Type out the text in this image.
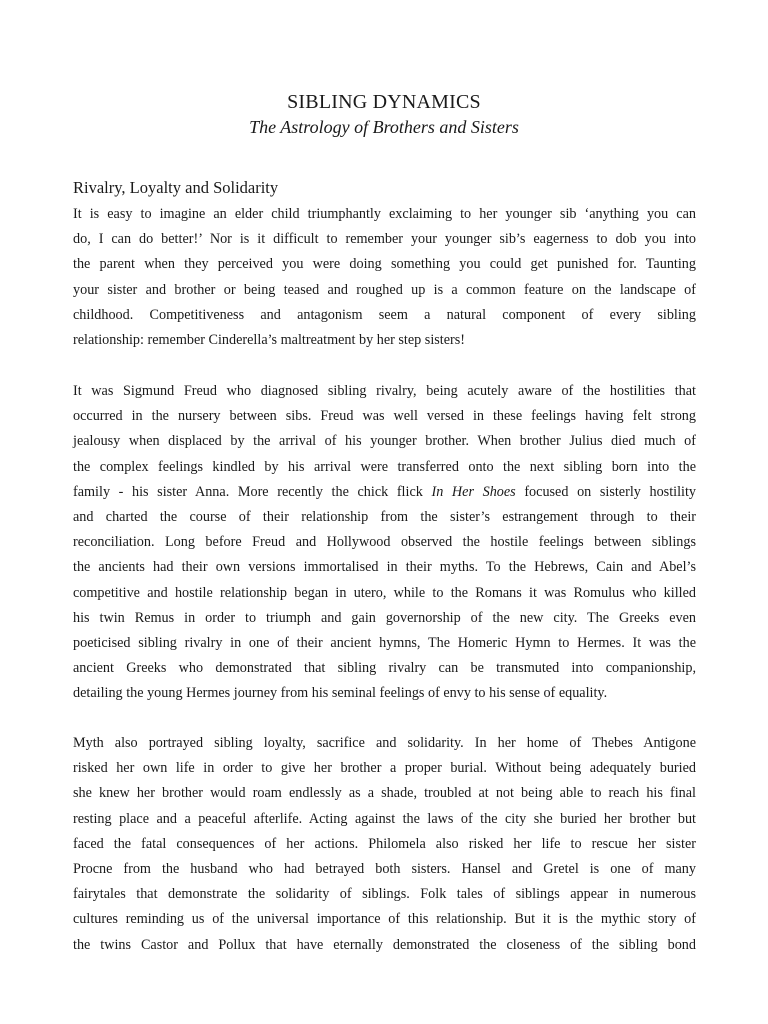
SIBLING DYNAMICS
The Astrology of Brothers and Sisters
Rivalry, Loyalty and Solidarity
It is easy to imagine an elder child triumphantly exclaiming to her younger sib ‘anything you can
do, I can do better!’ Nor is it difficult to remember your younger sib’s eagerness to dob you into
the parent when they perceived you were doing something you could get punished for. Taunting
your sister and brother or being teased and roughed up is a common feature on the landscape of
childhood. Competitiveness and antagonism seem a natural component of every sibling
relationship: remember Cinderella’s maltreatment by her step sisters!
It was Sigmund Freud who diagnosed sibling rivalry, being acutely aware of the hostilities that
occurred in the nursery between sibs. Freud was well versed in these feelings having felt strong
jealousy when displaced by the arrival of his younger brother. When brother Julius died much of
the complex feelings kindled by his arrival were transferred onto the next sibling born into the
family - his sister Anna. More recently the chick flick In Her Shoes focused on sisterly hostility
and charted the course of their relationship from the sister’s estrangement through to their
reconciliation. Long before Freud and Hollywood observed the hostile feelings between siblings
the ancients had their own versions immortalised in their myths. To the Hebrews, Cain and Abel’s
competitive and hostile relationship began in utero, while to the Romans it was Romulus who killed
his twin Remus in order to triumph and gain governorship of the new city. The Greeks even
poeticised sibling rivalry in one of their ancient hymns, The Homeric Hymn to Hermes. It was the
ancient Greeks who demonstrated that sibling rivalry can be transmuted into companionship,
detailing the young Hermes journey from his seminal feelings of envy to his sense of equality.
Myth also portrayed sibling loyalty, sacrifice and solidarity. In her home of Thebes Antigone
risked her own life in order to give her brother a proper burial. Without being adequately buried
she knew her brother would roam endlessly as a shade, troubled at not being able to reach his final
resting place and a peaceful afterlife. Acting against the laws of the city she buried her brother but
faced the fatal consequences of her actions. Philomela also risked her life to rescue her sister
Procne from the husband who had betrayed both sisters. Hansel and Gretel is one of many
fairytales that demonstrate the solidarity of siblings. Folk tales of siblings appear in numerous
cultures reminding us of the universal importance of this relationship. But it is the mythic story of
the twins Castor and Pollux that have eternally demonstrated the closeness of the sibling bond
